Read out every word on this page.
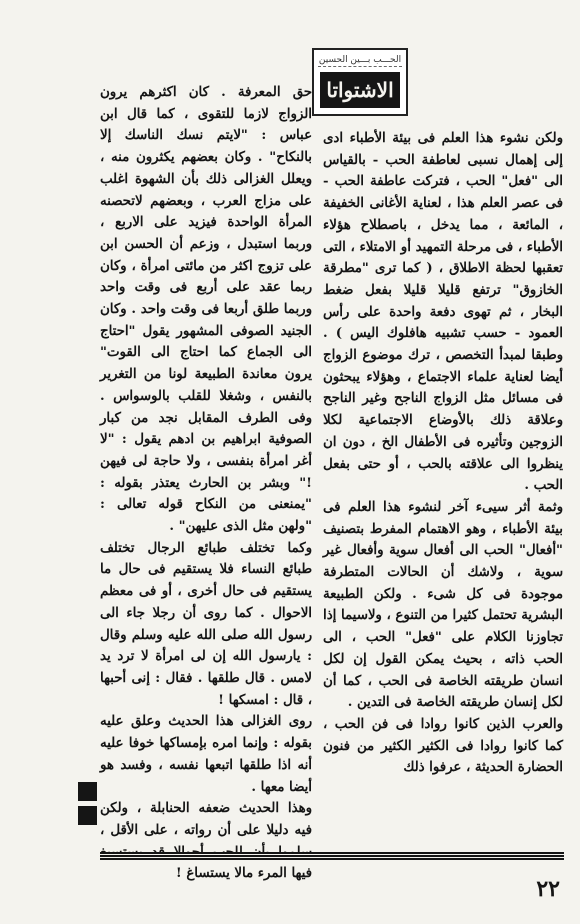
الحـــب بـــين الحسين
الاشتواتا

ولكن نشوء هذا العلم فى بيئة الأطباء ادى إلى إهمال نسبى لعاطفة الحب - بالقياس الى "فعل" الحب ، فتركت عاطفة الحب - فى عصر العلم هذا ، لعناية الأغانى الخفيفة ، المائعة ، مما يدخل ، باصطلاح هؤلاء الأطباء ، فى مرحلة التمهيد أو الامتلاء ، التى تعقبها لحظة الاطلاق ، ( كما ترى "مطرقة الخازوق" ترتفع قليلا قليلا بفعل ضغط البخار ، ثم تهوى دفعة واحدة على رأس العمود - حسب تشبيه هافلوك اليس ) . وطبقا لمبدأ التخصص ، ترك موضوع الزواج أيضا لعناية علماء الاجتماع ، وهؤلاء يبحثون فى مسائل مثل الزواج الناجح وغير الناجح وعلاقة ذلك بالأوضاع الاجتماعية لكلا الزوجين وتأثيره فى الأطفال الخ ، دون ان ينظروا الى علاقته بالحب ، أو حتى بفعل الحب .

وثمة أثر سيىء آخر لنشوء هذا العلم فى بيئة الأطباء ، وهو الاهتمام المفرط بتصنيف "أفعال" الحب الى أفعال سوية وأفعال غير سوية ، ولاشك أن الحالات المتطرفة موجودة فى كل شىء . ولكن الطبيعة البشرية تحتمل كثيرا من التنوع ، ولاسيما إذا تجاوزنا الكلام على "فعل" الحب ، الى الحب ذاته ، بحيث يمكن القول إن لكل انسان طريقته الخاصة فى الحب ، كما أن لكل إنسان طريقته الخاصة فى التدين .

والعرب الذين كانوا روادا فى فن الحب ، كما كانوا روادا فى الكثير الكثير من فنون الحضارة الحديثة ، عرفوا ذلك

حق المعرفة . كان اكثرهم يرون الزواج لازما للتقوى ، كما قال ابن عباس : "لايتم نسك الناسك إلا بالنكاح" . وكان بعضهم يكثرون منه ، ويعلل الغزالى ذلك بأن الشهوة اغلب على مزاج العرب ، وبعضهم لاتحصنه المرأة الواحدة فيزيد على الاربع ، وربما استبدل ، وزعم أن الحسن ابن على تزوج اكثر من مائتى امرأة ، وكان ربما عقد على أربع فى وقت واحد وربما طلق أربعا فى وقت واحد . وكان الجنيد الصوفى المشهور يقول "احتاج الى الجماع كما احتاج الى القوت" يرون معاندة الطبيعة لونا من التغرير بالنفس ، وشغلا للقلب بالوسواس . وفى الطرف المقابل نجد من كبار الصوفية ابراهيم بن ادهم يقول : "لا أغر امرأة بنفسى ، ولا حاجة لى فيهن !" وبشر بن الحارث يعتذر بقوله : "يمنعنى من النكاح قوله تعالى : "ولهن مثل الذى عليهن" .

وكما تختلف طبائع الرجال تختلف طبائع النساء فلا يستقيم فى حال ما يستقيم فى حال أخرى ، أو فى معظم الاحوال . كما روى أن رجلا جاء الى رسول الله صلى الله عليه وسلم وقال : يارسول الله إن لى امرأة لا ترد يد لامس . قال طلقها . فقال : إنى أحبها ، قال : امسكها !

روى الغزالى هذا الحديث وعلق عليه بقوله : وإنما امره بإمساكها خوفا عليه أنه اذا طلقها اتبعها نفسه ، وفسد هو أيضا معها .

وهذا الحديث ضعفه الحنابلة ، ولكن فيه دليلا على أن رواته ، على الأقل ، فيها المرء مالا يستساغ !

٢٢
